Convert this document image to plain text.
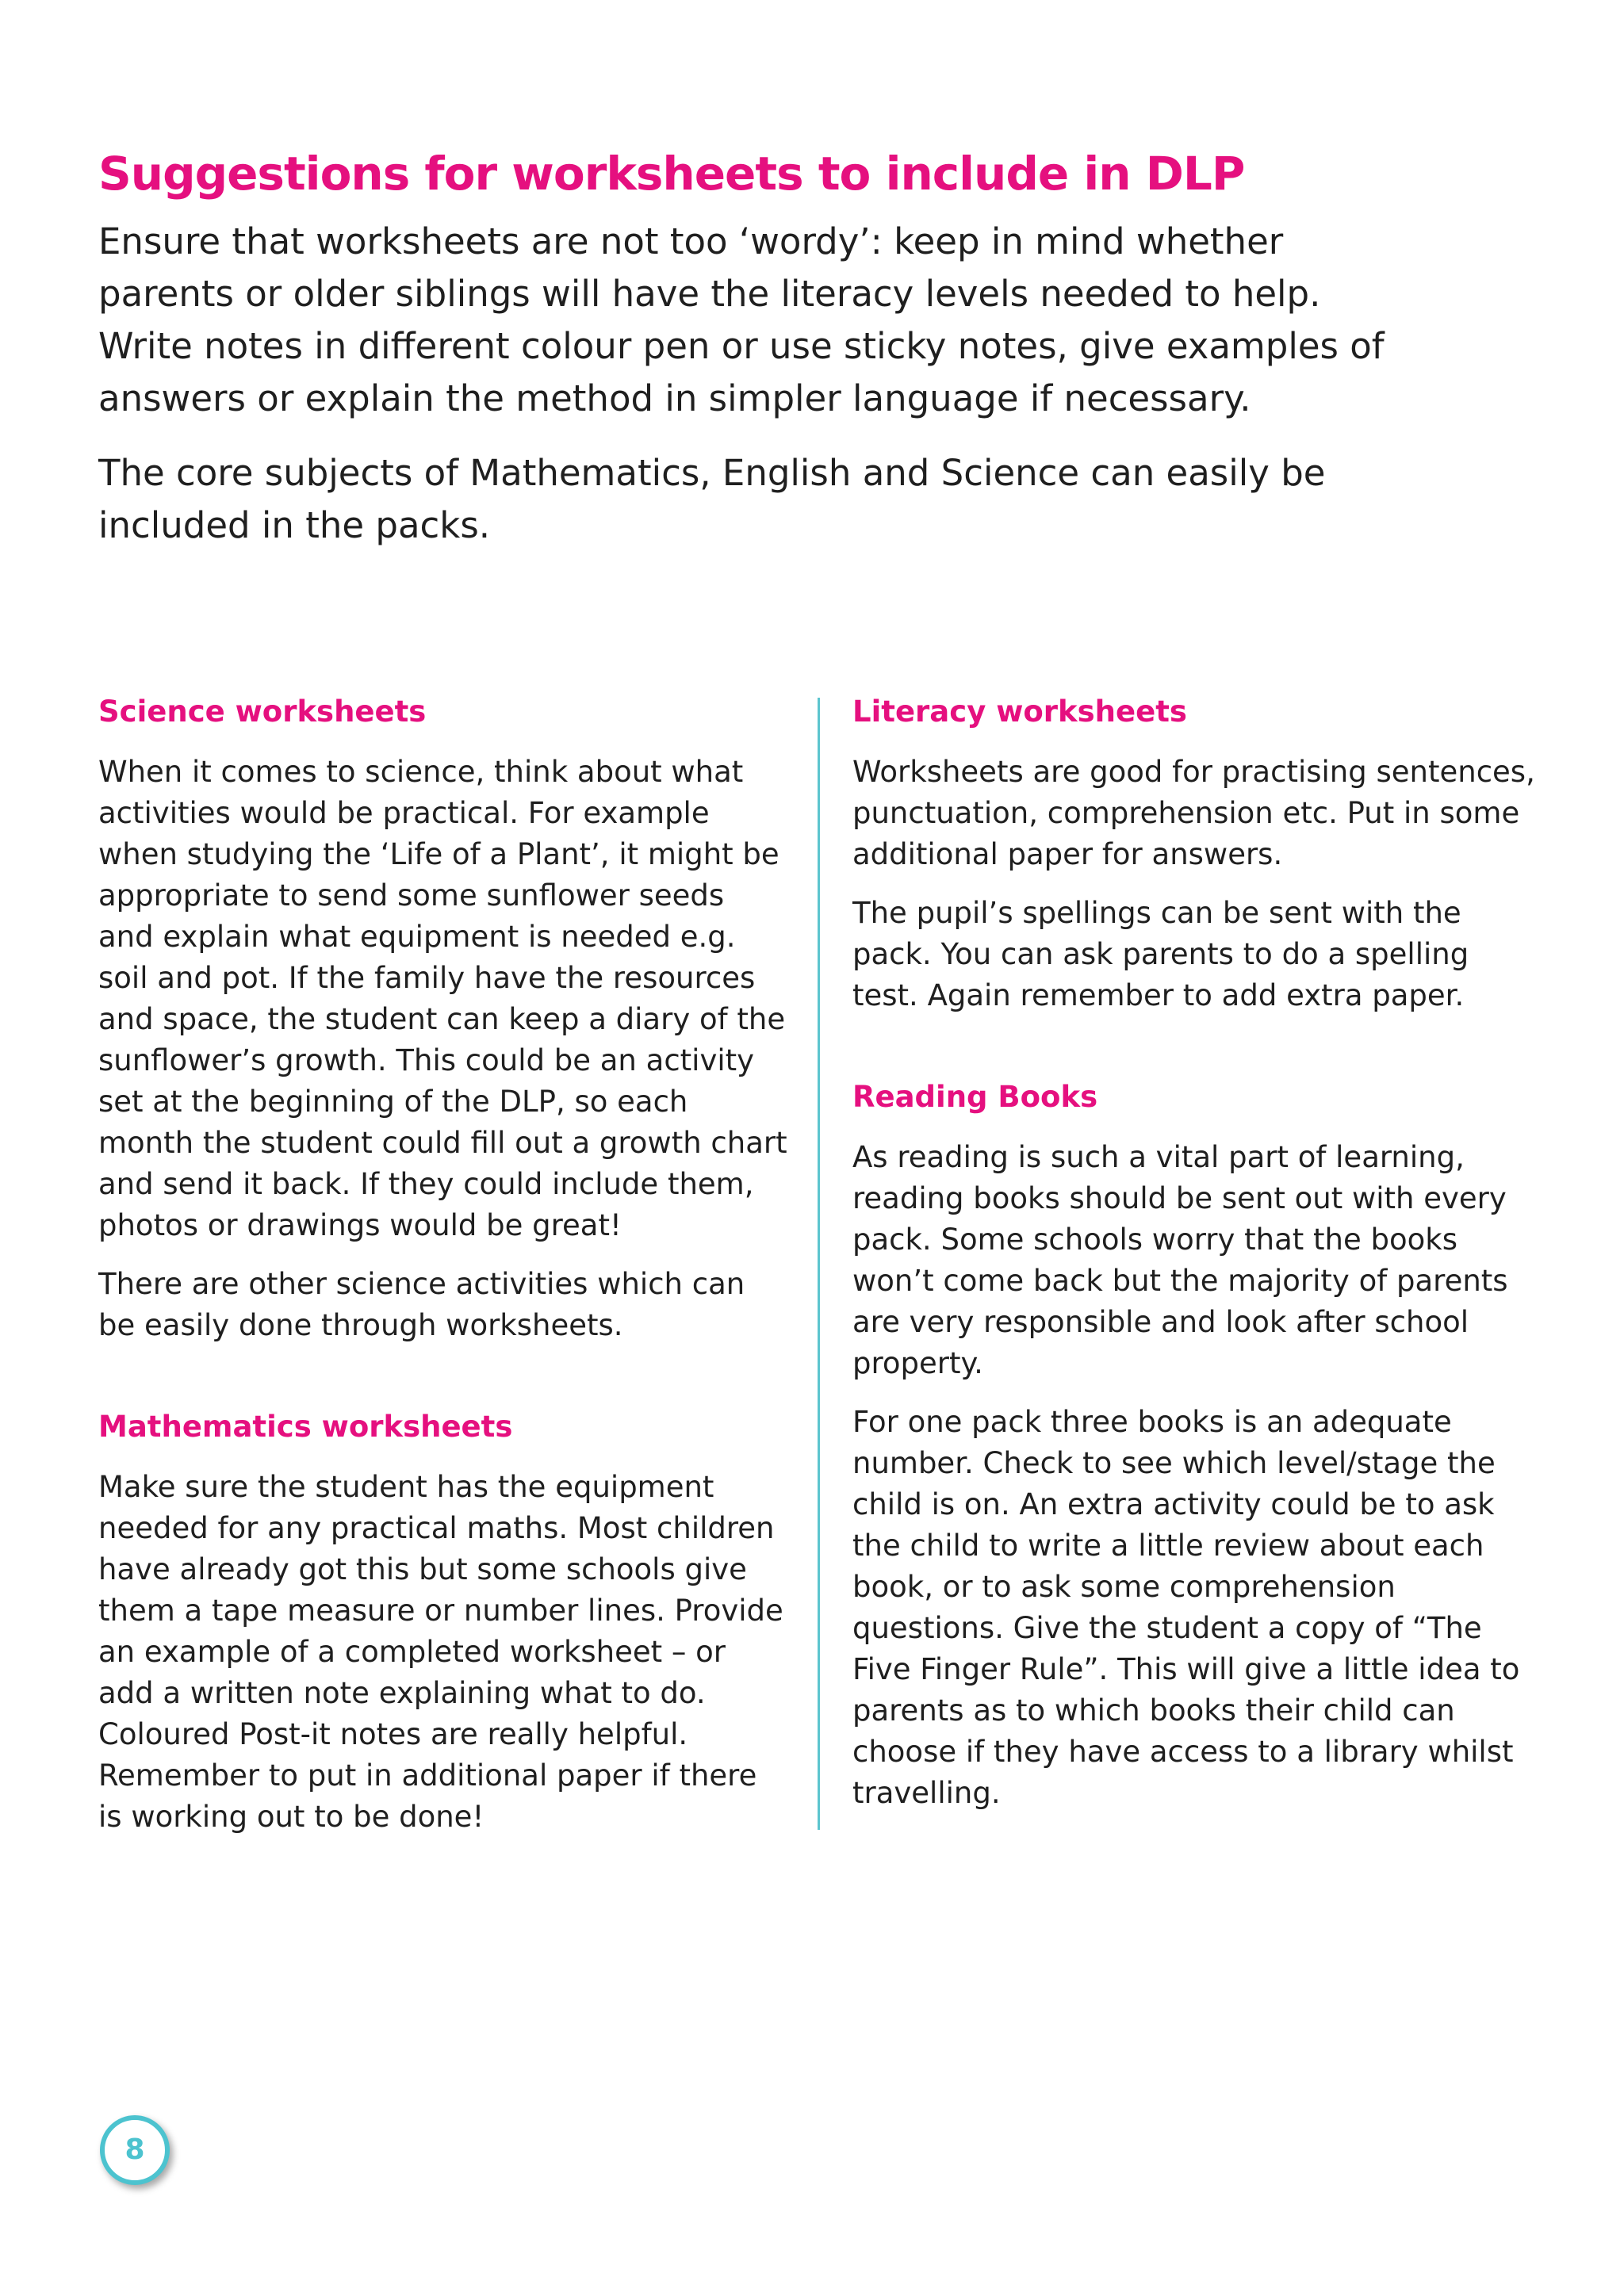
Suggestions for worksheets to include in DLP

Ensure that worksheets are not too ‘wordy’: keep in mind whether parents or older siblings will have the literacy levels needed to help. Write notes in different colour pen or use sticky notes, give examples of answers or explain the method in simpler language if necessary.

The core subjects of Mathematics, English and Science can easily be included in the packs.

Science worksheets

When it comes to science, think about what activities would be practical. For example when studying the ‘Life of a Plant’, it might be appropriate to send some sunflower seeds and explain what equipment is needed e.g. soil and pot. If the family have the resources and space, the student can keep a diary of the sunflower’s growth. This could be an activity set at the beginning of the DLP, so each month the student could fill out a growth chart and send it back. If they could include them, photos or drawings would be great!

There are other science activities which can be easily done through worksheets.

Mathematics worksheets

Make sure the student has the equipment needed for any practical maths. Most children have already got this but some schools give them a tape measure or number lines. Provide an example of a completed worksheet – or add a written note explaining what to do. Coloured Post-it notes are really helpful. Remember to put in additional paper if there is working out to be done!

Literacy worksheets

Worksheets are good for practising sentences, punctuation, comprehension etc. Put in some additional paper for answers.

The pupil’s spellings can be sent with the pack. You can ask parents to do a spelling test. Again remember to add extra paper.

Reading Books

As reading is such a vital part of learning, reading books should be sent out with every pack. Some schools worry that the books won’t come back but the majority of parents are very responsible and look after school property.

For one pack three books is an adequate number. Check to see which level/stage the child is on. An extra activity could be to ask the child to write a little review about each book, or to ask some comprehension questions. Give the student a copy of “The Five Finger Rule”. This will give a little idea to parents as to which books their child can choose if they have access to a library whilst travelling.

8
